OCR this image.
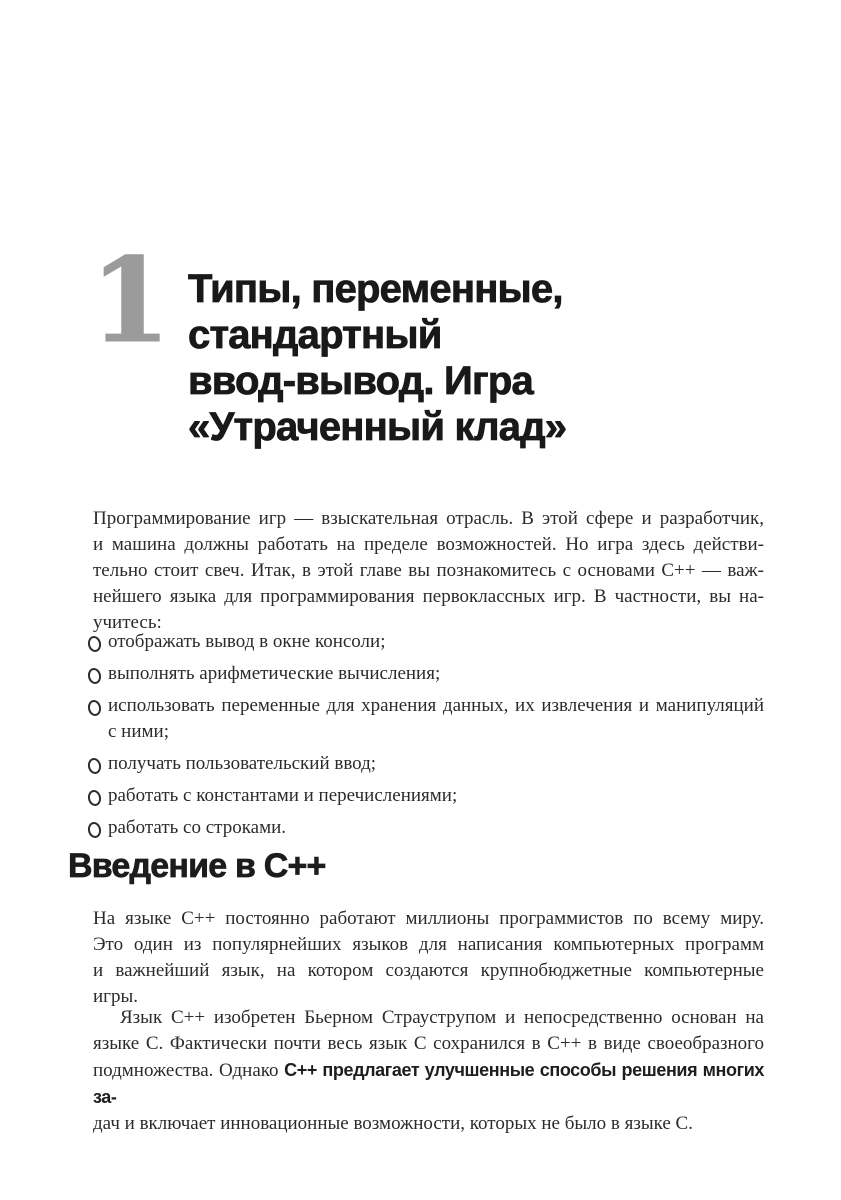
1 Типы, переменные,
стандартный
ввод-вывод. Игра
«Утраченный клад»
Программирование игр — взыскательная отрасль. В этой сфере и разработчик,
и машина должны работать на пределе возможностей. Но игра здесь действи-
тельно стоит свеч. Итак, в этой главе вы познакомитесь с основами C++ — важ-
нейшего языка для программирования первоклассных игр. В частности, вы на-
учитесь:
отображать вывод в окне консоли;
выполнять арифметические вычисления;
использовать переменные для хранения данных, их извлечения и манипуляций
с ними;
получать пользовательский ввод;
работать с константами и перечислениями;
работать со строками.
Введение в C++
На языке C++ постоянно работают миллионы программистов по всему миру.
Это один из популярнейших языков для написания компьютерных программ
и важнейший язык, на котором создаются крупнобюджетные компьютерные
игры.
Язык C++ изобретен Бьерном Страуструпом и непосредственно основан на
языке C. Фактически почти весь язык C сохранился в C++ в виде своеобразного
подмножества. Однако C++ предлагает улучшенные способы решения многих за-
дач и включает инновационные возможности, которых не было в языке C.
